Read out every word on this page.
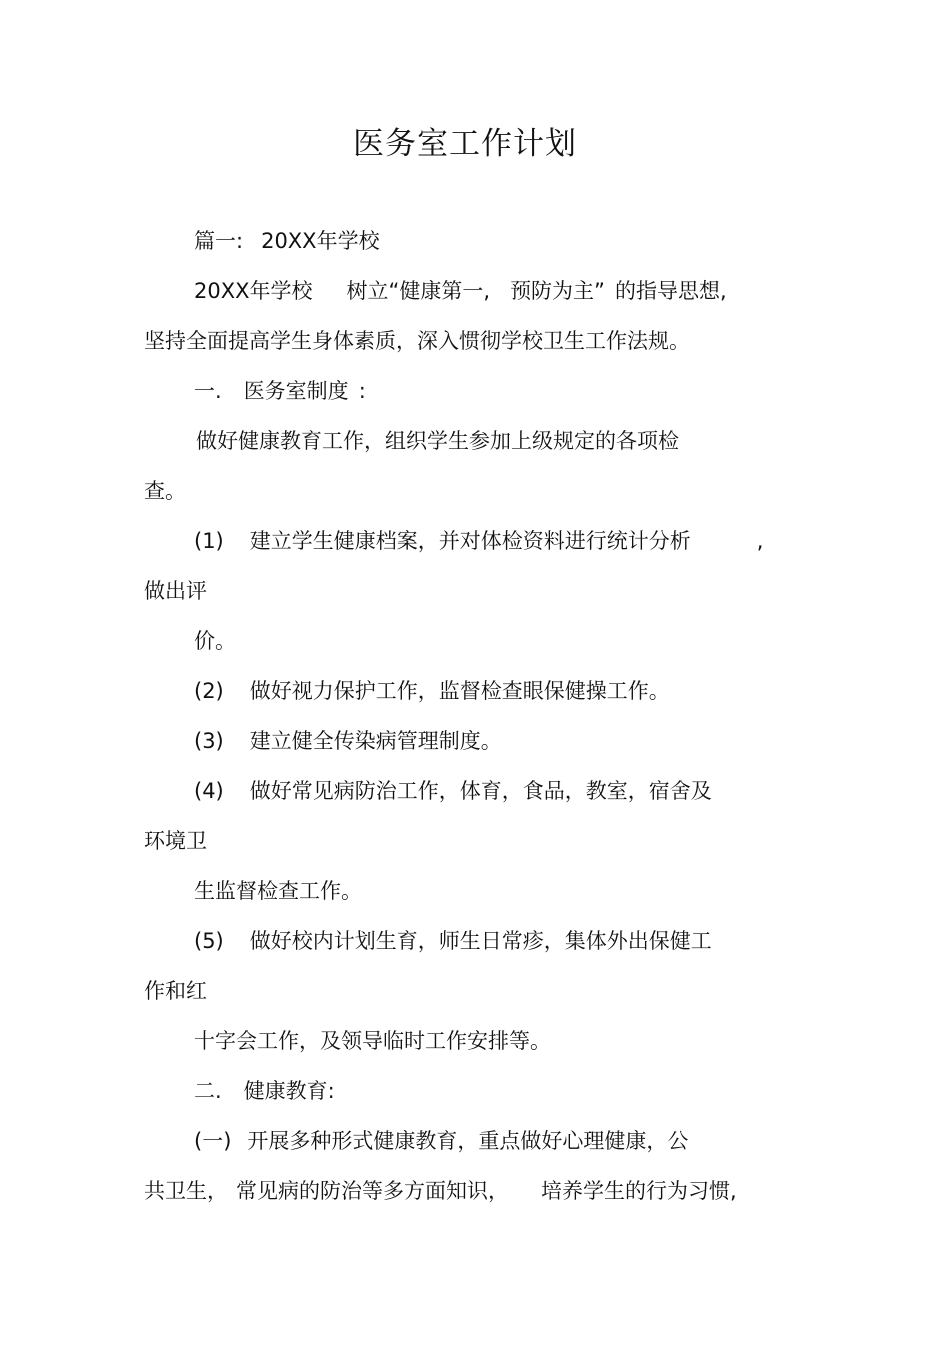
医务室工作计划

篇一: 20XX年学校

20XX年学校 树立“健康第一, 预防为主” 的指导思想,

坚持全面提高学生身体素质，深入惯彻学校卫生工作法规。

一. 医务室制度 :

做好健康教育工作，组织学生参加上级规定的各项检

查。

(1) 建立学生健康档案，并对体检资料进行统计分析	,

做出评

价。

(2) 做好视力保护工作，监督检查眼保健操工作。

(3) 建立健全传染病管理制度。

(4) 做好常见病防治工作，体育，食品，教室，宿舍及

环境卫

生监督检查工作。

(5) 做好校内计划生育，师生日常疹，集体外出保健工

作和红

十字会工作，及领导临时工作安排等。

二. 健康教育:

(一) 开展多种形式健康教育，重点做好心理健康，公

共卫生， 常见病的防治等多方面知识， 培养学生的行为习惯,
